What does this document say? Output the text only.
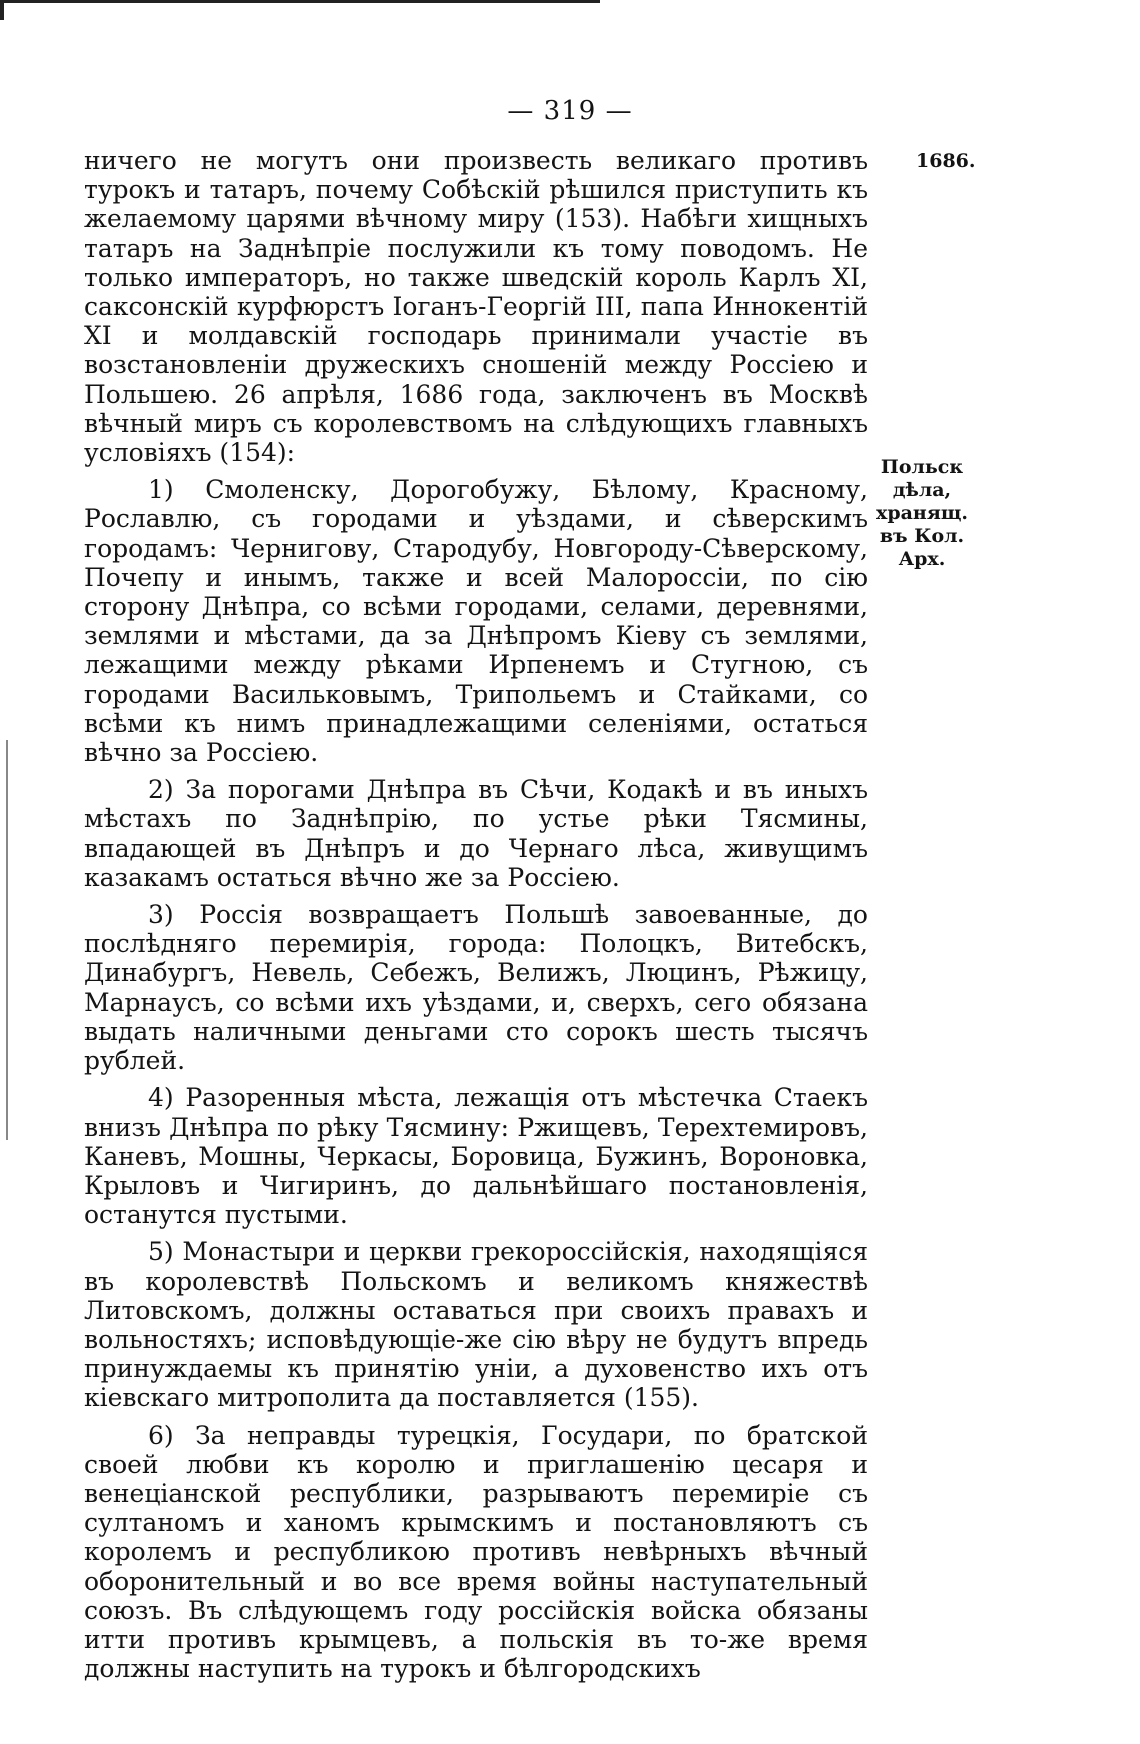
— 319 —
1686.
Польск
дѣла,
хранящ.
въ Кол.
Арх.

ничего не могутъ они произвесть великаго противъ турокъ и татаръ, почему Собѣскій рѣшился приступить къ желаемому царями вѣчному миру (153). Набѣги хищныхъ татаръ на Заднѣпріе послужили къ тому поводомъ. Не только императоръ, но также шведскій король Карлъ XI, саксонскій курфюрстъ Іоганъ-Георгій III, папа Иннокентій XI и молдавскій господарь принимали участіе въ возстановленіи дружескихъ сношеній между Россіею и Польшею. 26 апрѣля, 1686 года, заключенъ въ Москвѣ вѣчный миръ съ королевствомъ на слѣдующихъ главныхъ условіяхъ (154):

1) Смоленску, Дорогобужу, Бѣлому, Красному, Рославлю, съ городами и уѣздами, и сѣверскимъ городамъ: Чернигову, Стародубу, Новгороду-Сѣверскому, Почепу и инымъ, также и всей Малороссіи, по сію сторону Днѣпра, со всѣми городами, селами, деревнями, землями и мѣстами, да за Днѣпромъ Кіеву съ землями, лежащими между рѣками Ирпенемъ и Стугною, съ городами Васильковымъ, Трипольемъ и Стайками, со всѣми къ нимъ принадлежащими селеніями, остаться вѣчно за Россіею.

2) За порогами Днѣпра въ Сѣчи, Кодакѣ и въ иныхъ мѣстахъ по Заднѣпрію, по устье рѣки Тясмины, впадающей въ Днѣпръ и до Чернаго лѣса, живущимъ казакамъ остаться вѣчно же за Россіею.

3) Россія возвращаетъ Польшѣ завоеванные, до послѣдняго перемирія, города: Полоцкъ, Витебскъ, Динабургъ, Невель, Себежъ, Велижъ, Люцинъ, Рѣжицу, Марнаусъ, со всѣми ихъ уѣздами, и, сверхъ, сего обязана выдать наличными деньгами сто сорокъ шесть тысячъ рублей.

4) Разоренныя мѣста, лежащія отъ мѣстечка Стаекъ внизъ Днѣпра по рѣку Тясмину: Ржищевъ, Терехтемировъ, Каневъ, Мошны, Черкасы, Боровица, Бужинъ, Вороновка, Крыловъ и Чигиринъ, до дальнѣйшаго постановленія, останутся пустыми.

5) Монастыри и церкви грекороссійскія, находящіяся въ королевствѣ Польскомъ и великомъ княжествѣ Литовскомъ, должны оставаться при своихъ правахъ и вольностяхъ; исповѣдующіе-же сію вѣру не будутъ впредь принуждаемы къ принятію уніи, а духовенство ихъ отъ кіевскаго митрополита да поставляется (155).

6) За неправды турецкія, Государи, по братской своей любви къ королю и приглашенію цесаря и венеціанской республики, разрываютъ перемиріе съ султаномъ и ханомъ крымскимъ и постановляютъ съ королемъ и республикою противъ невѣрныхъ вѣчный оборонительный и во все время войны наступательный союзъ. Въ слѣдующемъ году россійскія войска обязаны итти противъ крымцевъ, а польскія въ то-же время должны наступить на турокъ и бѣлгородскихъ
